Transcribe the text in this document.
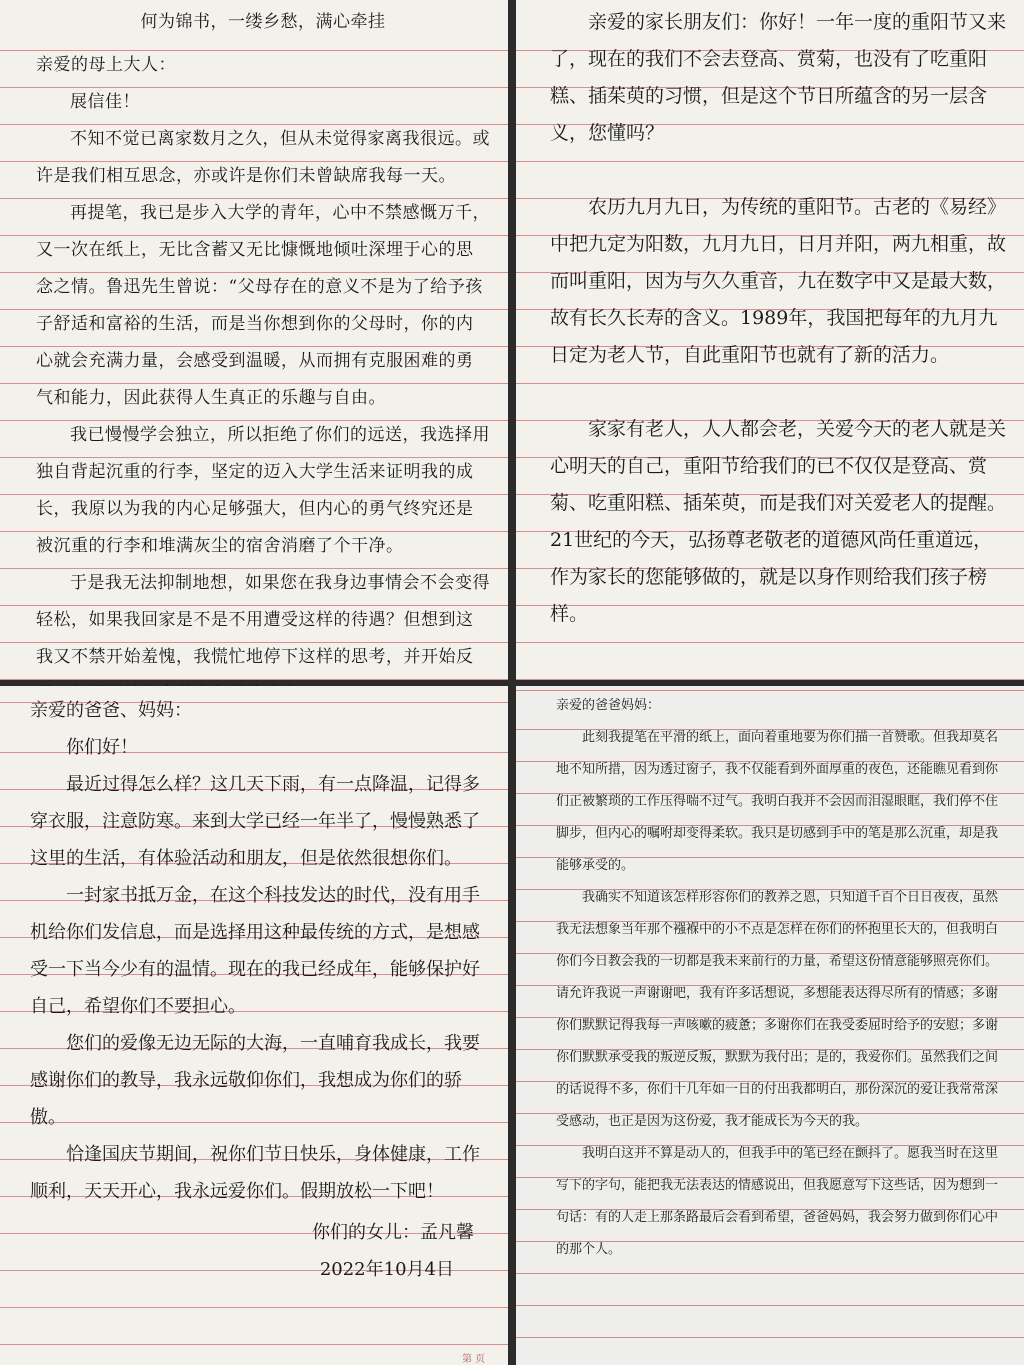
何为锦书，一缕乡愁，满心牵挂

亲爱的母上大人：

展信佳！

不知不觉已离家数月之久，但从未觉得家离我很远。或许是我们相互思念，亦或许是你们未曾缺席我每一天。

再提笔，我已是步入大学的青年，心中不禁感慨万千，又一次在纸上，无比含蓄又无比慷慨地倾吐深埋于心的思念之情。鲁迅先生曾说：“父母存在的意义不是为了给予孩子舒适和富裕的生活，而是当你想到你的父母时，你的内心就会充满力量，会感受到温暖，从而拥有克服困难的勇气和能力，因此获得人生真正的乐趣与自由。

我已慢慢学会独立，所以拒绝了你们的远送，我选择用独自背起沉重的行李，坚定的迈入大学生活来证明我的成长，我原以为我的内心足够强大，但内心的勇气终究还是被沉重的行李和堆满灰尘的宿舍消磨了个干净。

于是我无法抑制地想，如果您在我身边事情会不会变得轻松，如果我回家是不是不用遭受这样的待遇？但想到这我又不禁开始羞愧，我慌忙地停下这样的思考，并开始反

亲爱的家长朋友们：你好！一年一度的重阳节又来了，现在的我们不会去登高、赏菊，也没有了吃重阳糕、插茱萸的习惯，但是这个节日所蕴含的另一层含义，您懂吗？

农历九月九日，为传统的重阳节。古老的《易经》中把九定为阳数，九月九日，日月并阳，两九相重，故而叫重阳，因为与久久重音，九在数字中又是最大数，故有长久长寿的含义。1989年，我国把每年的九月九日定为老人节，自此重阳节也就有了新的活力。

家家有老人，人人都会老，关爱今天的老人就是关心明天的自己，重阳节给我们的已不仅仅是登高、赏菊、吃重阳糕、插茱萸，而是我们对关爱老人的提醒。21世纪的今天，弘扬尊老敬老的道德风尚任重道远，作为家长的您能够做的，就是以身作则给我们孩子榜样。

亲爱的爸爸、妈妈：

你们好！

最近过得怎么样？这几天下雨，有一点降温，记得多穿衣服，注意防寒。来到大学已经一年半了，慢慢熟悉了这里的生活，有体验活动和朋友，但是依然很想你们。

一封家书抵万金，在这个科技发达的时代，没有用手机给你们发信息，而是选择用这种最传统的方式，是想感受一下当今少有的温情。现在的我已经成年，能够保护好自己，希望你们不要担心。

您们的爱像无边无际的大海，一直哺育我成长，我要感谢你们的教导，我永远敬仰你们，我想成为你们的骄傲。

恰逢国庆节期间，祝你们节日快乐，身体健康，工作顺利，天天开心，我永远爱你们。假期放松一下吧！

你们的女儿：孟凡馨

2022年10月4日

第 页

亲爱的爸爸妈妈：

此刻我提笔在平滑的纸上，面向着重地要为你们描一首赞歌。但我却莫名地不知所措，因为透过窗子，我不仅能看到外面厚重的夜色，还能瞧见看到你们正被繁琐的工作压得喘不过气。我明白我并不会因而泪湿眼眶，我们停不住脚步，但内心的嘱咐却变得柔软。我只是切感到手中的笔是那么沉重，却是我能够承受的。

我确实不知道该怎样形容你们的教养之恩，只知道千百个日日夜夜，虽然我无法想象当年那个襁褓中的小不点是怎样在你们的怀抱里长大的，但我明白你们今日教会我的一切都是我未来前行的力量，希望这份情意能够照亮你们。请允许我说一声谢谢吧，我有许多话想说，多想能表达得尽所有的情感；多谢你们默默记得我每一声咳嗽的疲惫；多谢你们在我受委屈时给予的安慰；多谢你们默默承受我的叛逆反叛，默默为我付出；是的，我爱你们。虽然我们之间的话说得不多，你们十几年如一日的付出我都明白，那份深沉的爱让我常常深受感动，也正是因为这份爱，我才能成长为今天的我。

我明白这并不算是动人的，但我手中的笔已经在颤抖了。愿我当时在这里写下的字句，能把我无法表达的情感说出，但我愿意写下这些话，因为想到一句话：有的人走上那条路最后会看到希望，爸爸妈妈，我会努力做到你们心中的那个人。
